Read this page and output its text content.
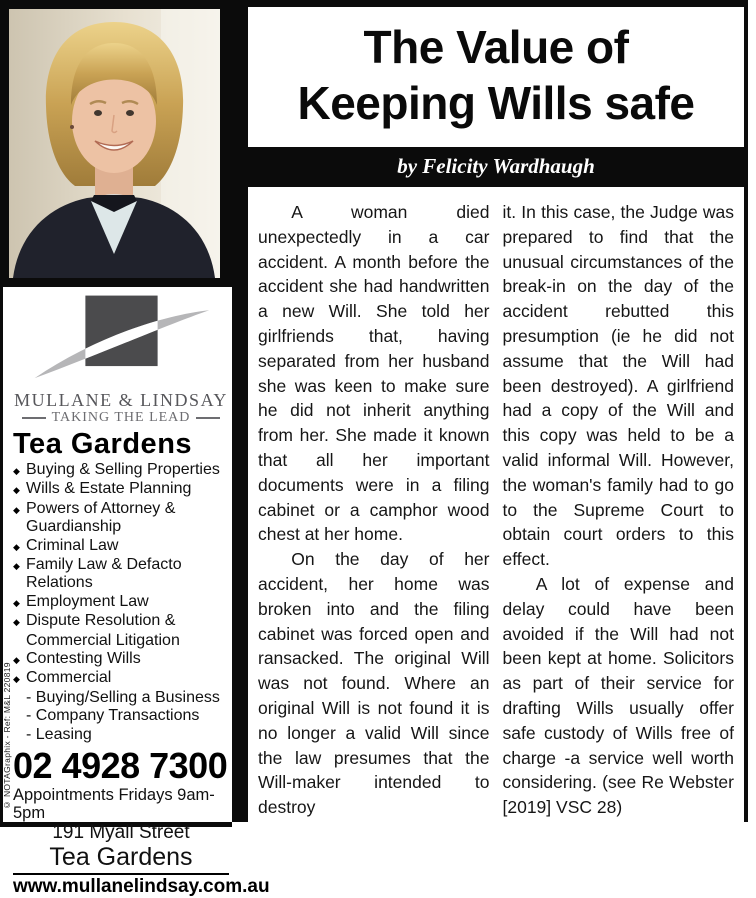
MULLANE & LINDSAY
TAKING THE LEAD
Tea Gardens
◆ Buying & Selling Properties
◆ Wills & Estate Planning
◆ Powers of Attorney & Guardianship
◆ Criminal Law
◆ Family Law & Defacto Relations
◆ Employment Law
◆ Dispute Resolution &
Commercial Litigation
◆ Contesting Wills
◆ Commercial
- Buying/Selling a Business
- Company Transactions
- Leasing
02 4928 7300
Appointments Fridays 9am-5pm
191 Myall Street
Tea Gardens
www.mullanelindsay.com.au
© NOTAGraphix - Ref: M&L 220819
The Value of
Keeping Wills safe
by Felicity Wardhaugh

A woman died unexpectedly in a car accident. A month before the accident she had handwritten a new Will. She told her girlfriends that, having separated from her husband she was keen to make sure he did not inherit anything from her. She made it known that all her important documents were in a filing cabinet or a camphor wood chest at her home.

On the day of her accident, her home was broken into and the filing cabinet was forced open and ransacked. The original Will was not found. Where an original Will is not found it is no longer a valid Will since the law presumes that the Will-maker intended to destroy

it. In this case, the Judge was prepared to find that the unusual circumstances of the break-in on the day of the accident rebutted this presumption (ie he did not assume that the Will had been destroyed). A girlfriend had a copy of the Will and this copy was held to be a valid informal Will. However, the woman's family had to go to the Supreme Court to obtain court orders to this effect.

A lot of expense and delay could have been avoided if the Will had not been kept at home. Solicitors as part of their service for drafting Wills usually offer safe custody of Wills free of charge -a service well worth considering. (see Re Webster [2019] VSC 28)
